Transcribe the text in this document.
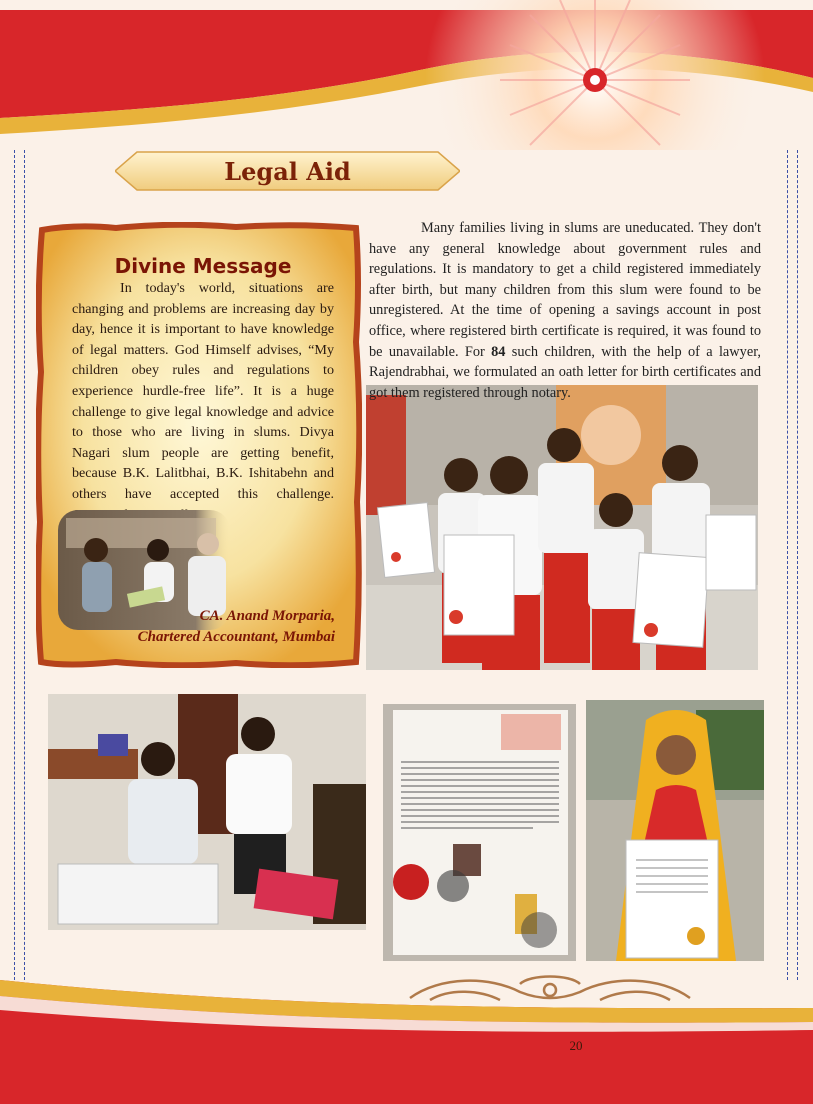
Legal Aid
Divine Message
In today's world, situations are changing and problems are increasing day by day, hence it is important to have knowledge of legal matters. God Himself advises, “My children obey rules and regulations to experience hurdle-free life”. It is a huge challenge to give legal knowledge and advice to those who are living in slums. Divya Nagari slum people are getting benefit, because B.K. Lalitbhai, B.K. Ishitabehn and others have accepted this challenge.
CA. Anand Morparia,
Chartered Accountant, Mumbai
Many families living in slums are uneducated. They don't have any general knowledge about government rules and regulations. It is mandatory to get a child registered immediately after birth, but many children from this slum were found to be unregistered. At the time of opening a savings account in post office, where registered birth certificate is required, it was found to be unavailable. For 84 such children, with the help of a lawyer, Rajendrabhai, we formulated an oath letter for birth certificates and got them registered through notary.
20
